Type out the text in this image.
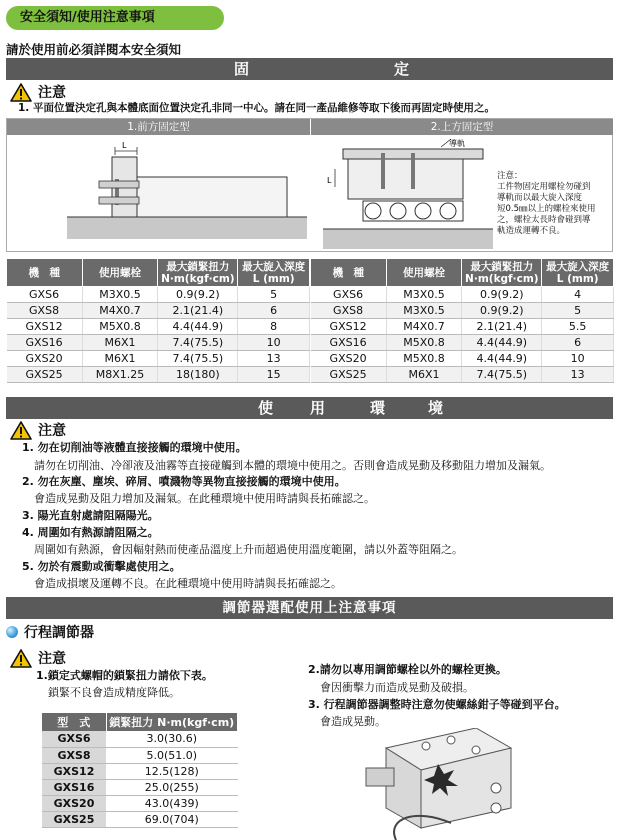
安全須知/使用注意事項
請於使用前必須詳閱本安全須知
固	定
注意
1. 平面位置決定孔與本體底面位置決定孔非同一中心。請在同一產品維修等取下後而再固定時使用之。
1.前方固定型	2.上方固定型
L
L
導軌
注意：
工件物固定用螺栓勿碰到
導軌而以最大旋入深度
短0.5㎜以上的螺栓來使用
之，螺栓太長時會碰到導
軌造成運轉不良。
機　種	使用螺栓	最大鎖緊扭力
N·m(kgf·cm)	最大旋入深度
L (mm)
GXS6	M3X0.5	0.9(9.2)	5
GXS8	M4X0.7	2.1(21.4)	6
GXS12	M5X0.8	4.4(44.9)	8
GXS16	M6X1	7.4(75.5)	10
GXS20	M6X1	7.4(75.5)	13
GXS25	M8X1.25	18(180)	15
機　種	使用螺栓	最大鎖緊扭力
N·m(kgf·cm)	最大旋入深度
L (mm)
GXS6	M3X0.5	0.9(9.2)	4
GXS8	M3X0.5	0.9(9.2)	5
GXS12	M4X0.7	2.1(21.4)	5.5
GXS16	M5X0.8	4.4(44.9)	6
GXS20	M5X0.8	4.4(44.9)	10
GXS25	M6X1	7.4(75.5)	13
使 用	環	境
注意
1. 勿在切削油等液體直接接觸的環境中使用。
請勿在切削油、冷卻液及油霧等直接碰觸到本體的環境中使用之。否則會造成晃動及移動阻力增加及漏氣。
2. 勿在灰塵、塵埃、碎屑、噴濺物等異物直接接觸的環境中使用。
會造成晃動及阻力增加及漏氣。在此種環境中使用時請與長拓確認之。
3. 陽光直射處請阻隔陽光。
4. 周圍如有熱源請阻隔之。
周圍如有熱源，會因輻射熱而使產品溫度上升而超過使用溫度範圍，請以外蓋等阻隔之。
5. 勿於有震動或衝擊處使用之。
會造成損壞及運轉不良。在此種環境中使用時請與長拓確認之。
調節器選配使用上注意事項
行程調節器
注意
1.鎖定式螺帽的鎖緊扭力請依下表。
鎖緊不良會造成精度降低。
型　式	鎖緊扭力 N·m(kgf·cm)
GXS6	3.0(30.6)
GXS8	5.0(51.0)
GXS12	12.5(128)
GXS16	25.0(255)
GXS20	43.0(439)
GXS25	69.0(704)
2.請勿以專用調節螺栓以外的螺栓更換。
會因衝擊力而造成晃動及破損。
3. 行程調節器調整時注意勿使螺絲鉗子等碰到平台。
會造成晃動。
